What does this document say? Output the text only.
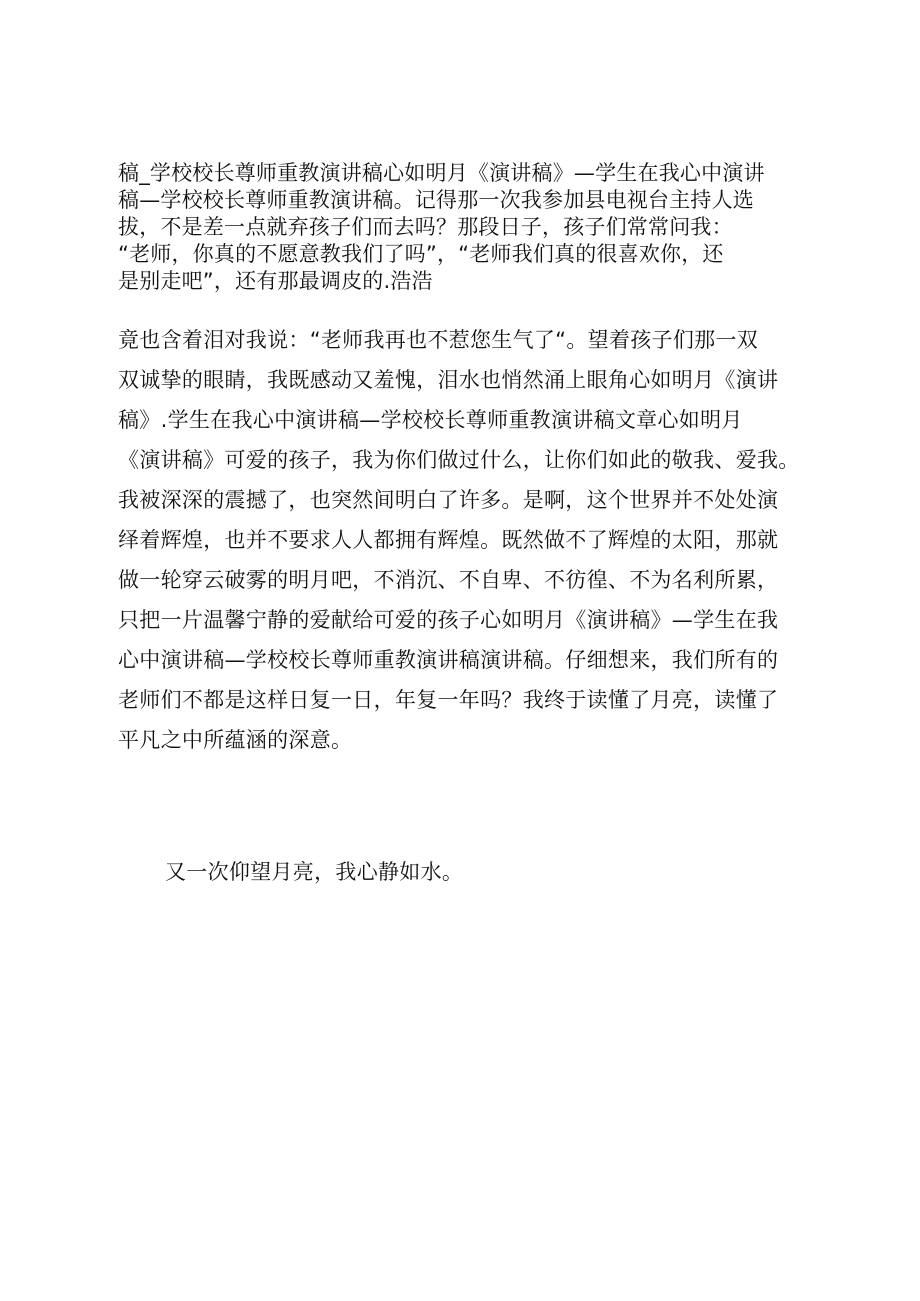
稿_学校校长尊师重教演讲稿心如明月《演讲稿》—学生在我心中演讲
稿—学校校长尊师重教演讲稿。记得那一次我参加县电视台主持人选
拔，不是差一点就弃孩子们而去吗？那段日子，孩子们常常问我：
“老师，你真的不愿意教我们了吗”，“老师我们真的很喜欢你，还
是别走吧”，还有那最调皮的.浩浩
竟也含着泪对我说：“老师我再也不惹您生气了“。望着孩子们那一双
双诚挚的眼睛，我既感动又羞愧，泪水也悄然涌上眼角心如明月《演讲
稿》.学生在我心中演讲稿—学校校长尊师重教演讲稿文章心如明月
《演讲稿》可爱的孩子，我为你们做过什么，让你们如此的敬我、爱我。
我被深深的震撼了，也突然间明白了许多。是啊，这个世界并不处处演
绎着辉煌，也并不要求人人都拥有辉煌。既然做不了辉煌的太阳，那就
做一轮穿云破雾的明月吧，不消沉、不自卑、不彷徨、不为名利所累，
只把一片温馨宁静的爱献给可爱的孩子心如明月《演讲稿》—学生在我
心中演讲稿—学校校长尊师重教演讲稿演讲稿。仔细想来，我们所有的
老师们不都是这样日复一日，年复一年吗？我终于读懂了月亮，读懂了
平凡之中所蕴涵的深意。
又一次仰望月亮，我心静如水。
